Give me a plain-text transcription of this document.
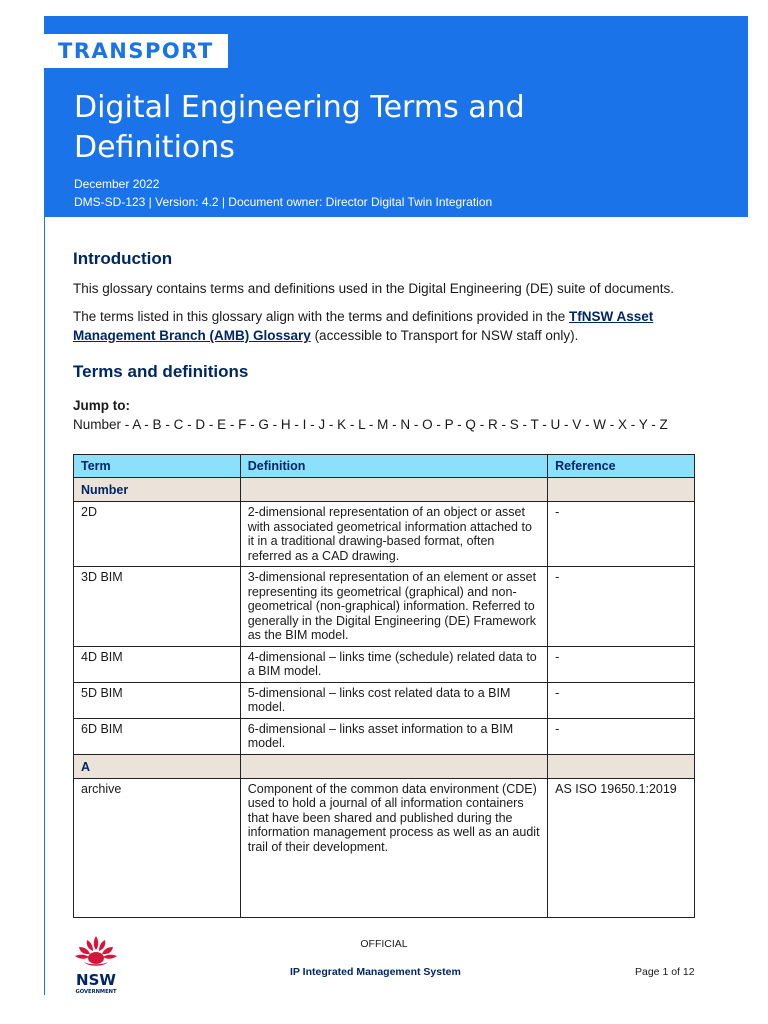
TRANSPORT
Digital Engineering Terms and
Definitions
December 2022
DMS-SD-123 | Version: 4.2 | Document owner: Director Digital Twin Integration
Introduction

This glossary contains terms and definitions used in the Digital Engineering (DE) suite of documents.

The terms listed in this glossary align with the terms and definitions provided in the TfNSW Asset Management Branch (AMB) Glossary (accessible to Transport for NSW staff only).

Terms and definitions
Jump to:
Number - A - B - C - D - E - F - G - H - I - J - K - L - M - N - O - P - Q - R - S - T - U - V - W - X - Y - Z
Term	Definition	Reference
Number		
2D	2-dimensional representation of an object or asset with associated geometrical information attached to it in a traditional drawing-based format, often referred as a CAD drawing.	-
3D BIM	3-dimensional representation of an element or asset representing its geometrical (graphical) and non-geometrical (non-graphical) information. Referred to generally in the Digital Engineering (DE) Framework as the BIM model.	-
4D BIM	4-dimensional – links time (schedule) related data to a BIM model.	-
5D BIM	5-dimensional – links cost related data to a BIM model.	-
6D BIM	6-dimensional – links asset information to a BIM model.	-
A		
archive	Component of the common data environment (CDE) used to hold a journal of all information containers that have been shared and published during the information management process as well as an audit trail of their development.	AS ISO 19650.1:2019
OFFICIAL
NSW
GOVERNMENT
IP Integrated Management System	Page 1 of 12
